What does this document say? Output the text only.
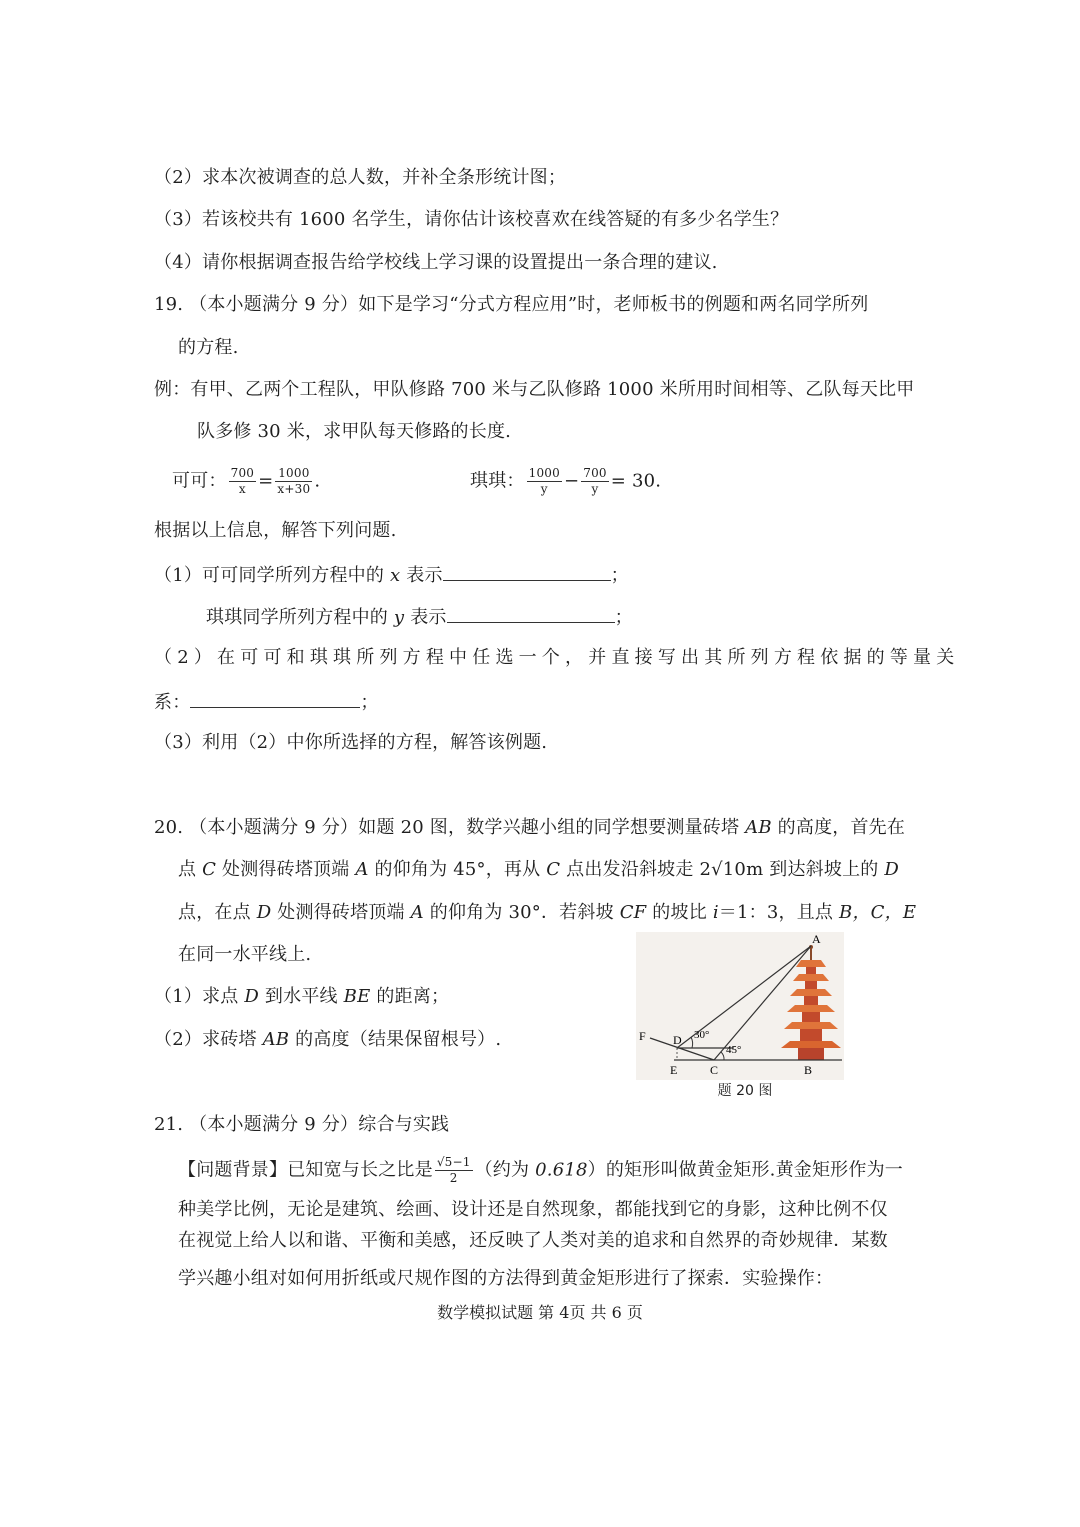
（2）求本次被调查的总人数，并补全条形统计图；
（3）若该校共有 1600 名学生，请你估计该校喜欢在线答疑的有多少名学生？
（4）请你根据调查报告给学校线上学习课的设置提出一条合理的建议.
19. （本小题满分 9 分）如下是学习“分式方程应用”时，老师板书的例题和两名同学所列
的方程.
例：有甲、乙两个工程队，甲队修路 700 米与乙队修路 1000 米所用时间相等、乙队每天比甲
队多修 30 米，求甲队每天修路的长度.
可可： $\frac{700}{x} = \frac{1000}{x+30}$ .	琪琪： $\frac{1000}{y} - \frac{700}{y} = 30$.
根据以上信息，解答下列问题.
（1）可可同学所列方程中的 x 表示	；
琪琪同学所列方程中的 y 表示	；
（2）在可可和琪琪所列方程中任选一个，并直接写出其所列方程依据的等量关
系：	；
（3）利用（2）中你所选择的方程，解答该例题.
20. （本小题满分 9 分）如题 20 图，数学兴趣小组的同学想要测量砖塔 AB 的高度，首先在
点 C 处测得砖塔顶端 A 的仰角为 45°，再从 C 点出发沿斜坡走 2√10m 到达斜坡上的 D
点，在点 D 处测得砖塔顶端 A 的仰角为 30°．若斜坡 CF 的坡比 i＝1：3，且点 B，C，E
在同一水平线上.
（1）求点 D 到水平线 BE 的距离；
（2）求砖塔 AB 的高度（结果保留根号）.
A
B
C
D
E
F	30°
45°
题 20 图
21. （本小题满分 9 分）综合与实践
【问题背景】已知宽与长之比是 $\frac{√5-1}{2}$ （约为 0.618）的矩形叫做黄金矩形.黄金矩形作为一
种美学比例，无论是建筑、绘画、设计还是自然现象，都能找到它的身影，这种比例不仅
在视觉上给人以和谐、平衡和美感，还反映了人类对美的追求和自然界的奇妙规律．某数
学兴趣小组对如何用折纸或尺规作图的方法得到黄金矩形进行了探索．实验操作：
数学模拟试题 第 4页 共 6 页
